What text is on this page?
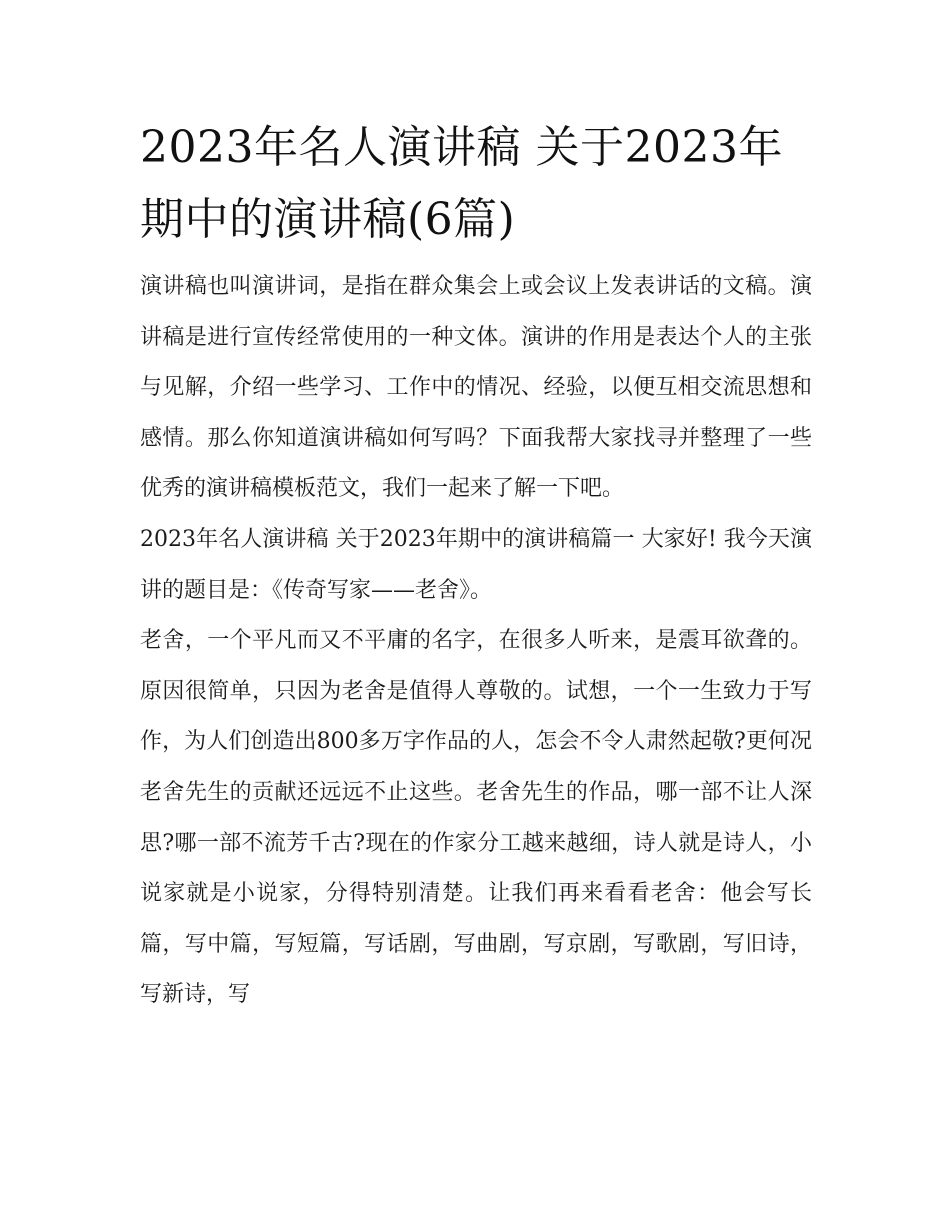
2023年名人演讲稿 关于2023年期中的演讲稿(6篇)

演讲稿也叫演讲词，是指在群众集会上或会议上发表讲话的文稿。演讲稿是进行宣传经常使用的一种文体。演讲的作用是表达个人的主张与见解，介绍一些学习、工作中的情况、经验，以便互相交流思想和感情。那么你知道演讲稿如何写吗？下面我帮大家找寻并整理了一些优秀的演讲稿模板范文，我们一起来了解一下吧。

2023年名人演讲稿 关于2023年期中的演讲稿篇一 大家好! 我今天演讲的题目是：《传奇写家——老舍》。

老舍，一个平凡而又不平庸的名字，在很多人听来，是震耳欲聋的。原因很简单，只因为老舍是值得人尊敬的。试想，一个一生致力于写作，为人们创造出800多万字作品的人，怎会不令人肃然起敬?更何况老舍先生的贡献还远远不止这些。老舍先生的作品，哪一部不让人深思?哪一部不流芳千古?现在的作家分工越来越细，诗人就是诗人，小说家就是小说家，分得特别清楚。让我们再来看看老舍：他会写长篇，写中篇，写短篇，写话剧，写曲剧，写京剧，写歌剧，写旧诗，写新诗，写
